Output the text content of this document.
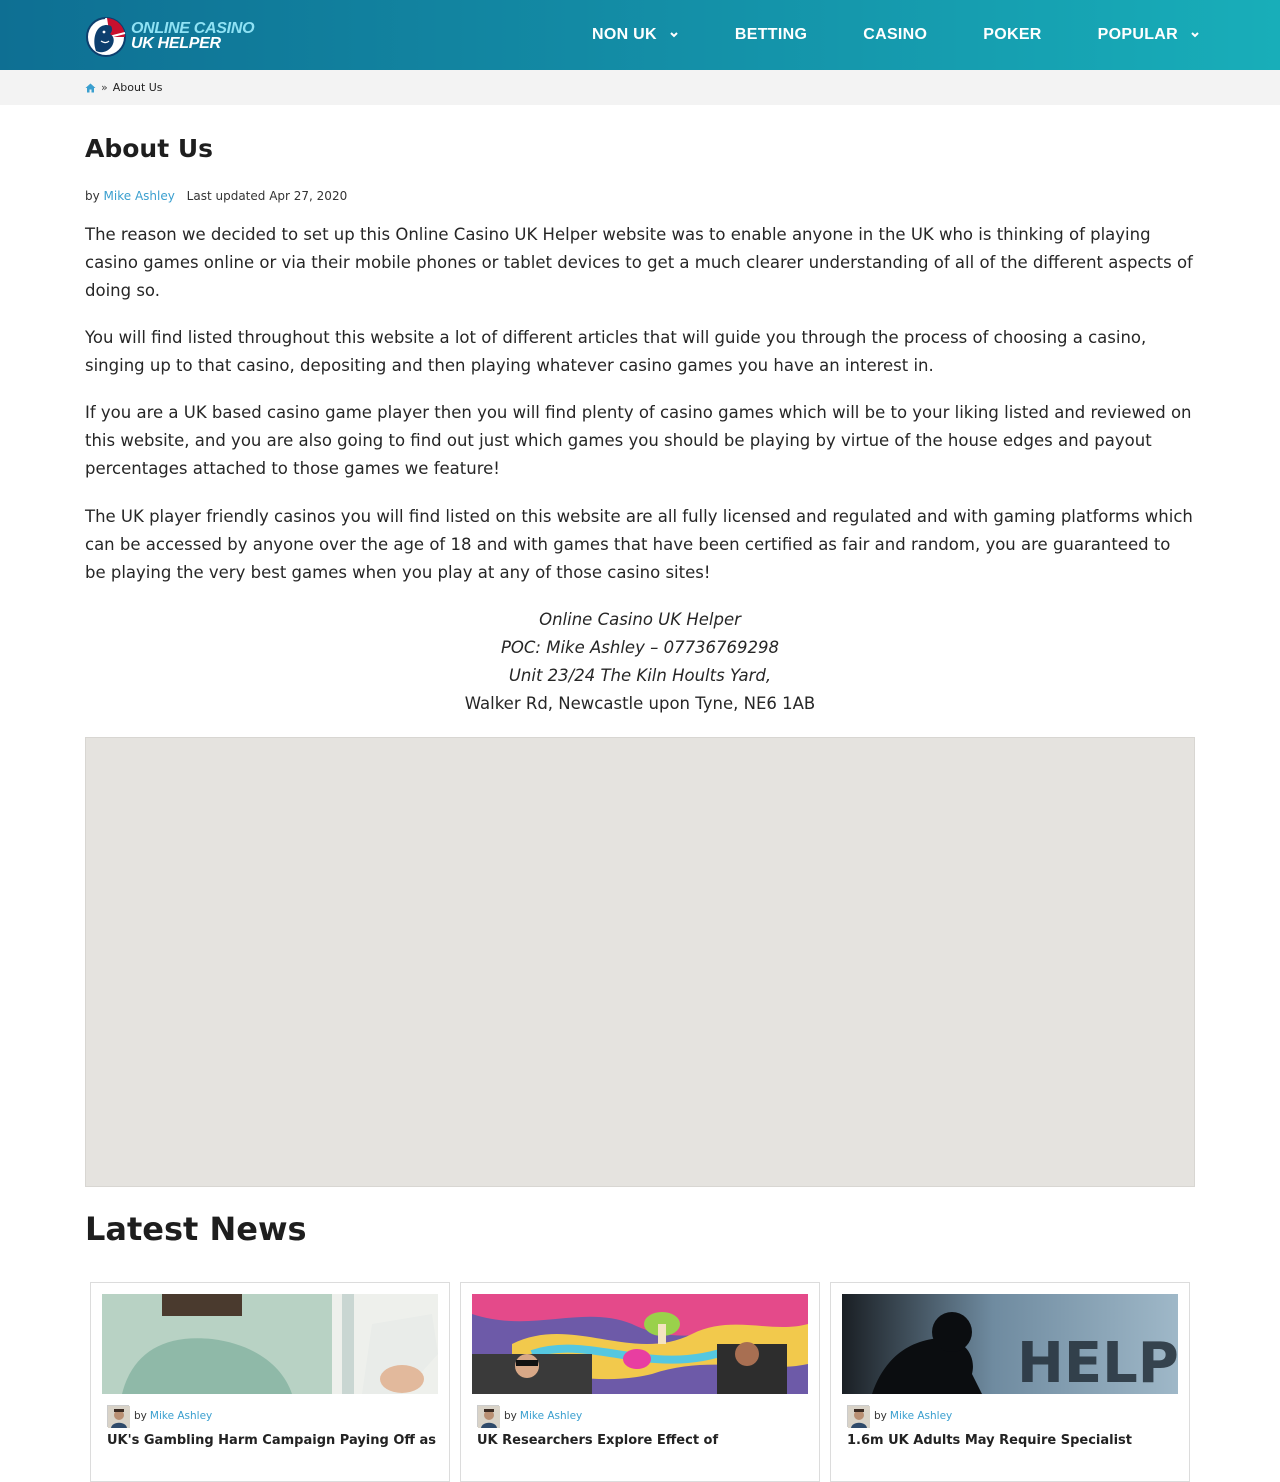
ONLINE CASINO
UK HELPER
NON UK	BETTING	CASINO	POKER	POPULAR
» About Us
About Us
by Mike Ashley Last updated Apr 27, 2020

The reason we decided to set up this Online Casino UK Helper website was to enable anyone in the UK who is thinking of playing casino games online or via their mobile phones or tablet devices to get a much clearer understanding of all of the different aspects of doing so.

You will find listed throughout this website a lot of different articles that will guide you through the process of choosing a casino, singing up to that casino, depositing and then playing whatever casino games you have an interest in.

If you are a UK based casino game player then you will find plenty of casino games which will be to your liking listed and reviewed on this website, and you are also going to find out just which games you should be playing by virtue of the house edges and payout percentages attached to those games we feature!

The UK player friendly casinos you will find listed on this website are all fully licensed and regulated and with gaming platforms which can be accessed by anyone over the age of 18 and with games that have been certified as fair and random, you are guaranteed to be playing the very best games when you play at any of those casino sites!

Online Casino UK Helper
POC: Mike Ashley – 07736769298
Unit 23/24 The Kiln Hoults Yard,
Walker Rd, Newcastle upon Tyne, NE6 1AB
Latest News
by Mike Ashley
UK's Gambling Harm Campaign Paying Off as
by Mike Ashley
UK Researchers Explore Effect of
HELP
by Mike Ashley
1.6m UK Adults May Require Specialist
